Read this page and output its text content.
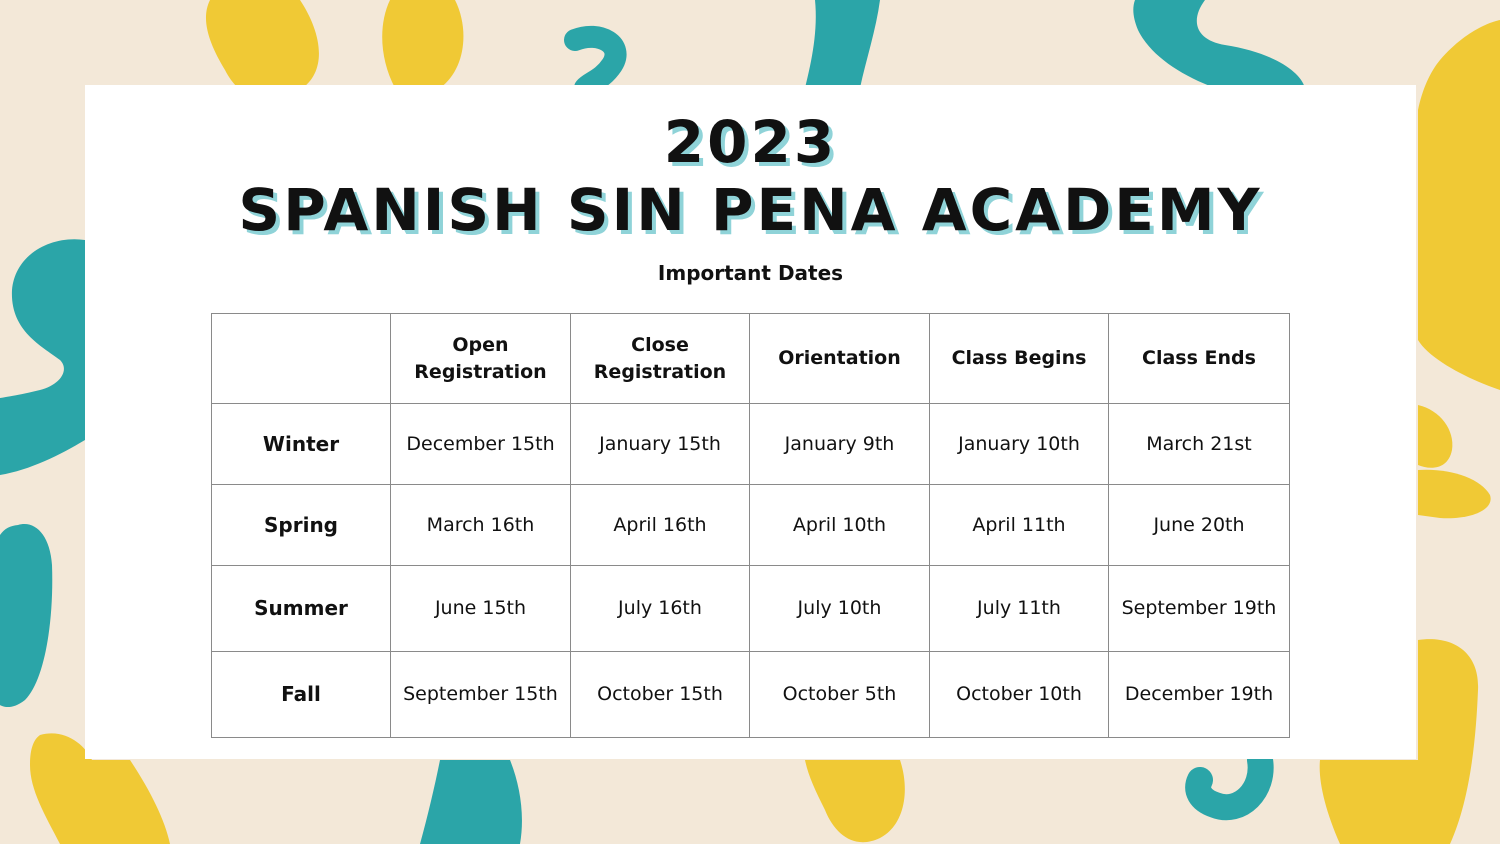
2023
SPANISH SIN PENA ACADEMY
Important Dates
	Open Registration	Close Registration	Orientation	Class Begins	Class Ends
Winter	December 15th	January 15th	January 9th	January 10th	March 21st
Spring	March 16th	April 16th	April 10th	April 11th	June 20th
Summer	June 15th	July 16th	July 10th	July 11th	September 19th
Fall	September 15th	October 15th	October 5th	October 10th	December 19th
